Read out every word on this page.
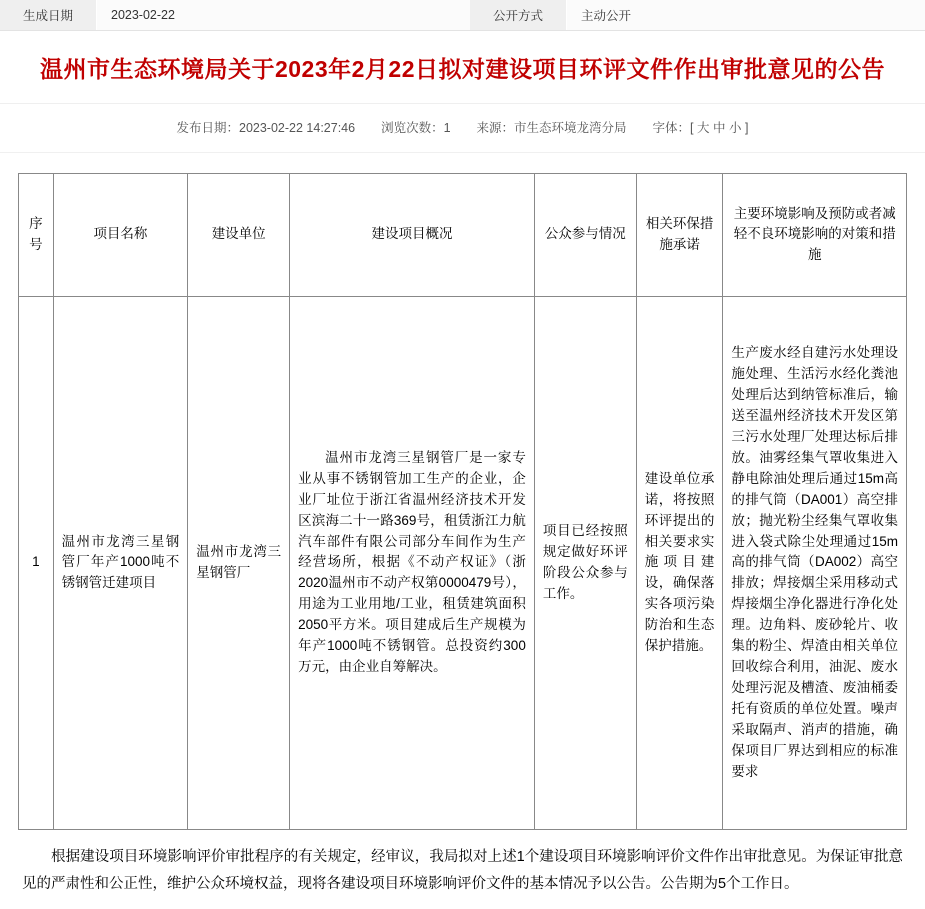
生成日期	2023-02-22	公开方式	主动公开
温州市生态环境局关于2023年2月22日拟对建设项目环评文件作出审批意见的公告
发布日期：2023-02-22 14:27:46 浏览次数：1 来源：市生态环境龙湾分局 字体：[ 大 中 小 ]
序号	项目名称	建设单位	建设项目概况	公众参与情况	相关环保措施承诺	主要环境影响及预防或者减轻不良环境影响的对策和措施
1	温州市龙湾三星钢管厂年产1000吨不锈钢管迁建项目	温州市龙湾三星钢管厂	温州市龙湾三星钢管厂是一家专业从事不锈钢管加工生产的企业，企业厂址位于浙江省温州经济技术开发区滨海二十一路369号，租赁浙江力航汽车部件有限公司部分车间作为生产经营场所，根据《不动产权证》（浙2020温州市不动产权第0000479号），用途为工业用地/工业，租赁建筑面积2050平方米。项目建成后生产规模为年产1000吨不锈钢管。总投资约300万元，由企业自筹解决。	项目已经按照规定做好环评阶段公众参与工作。	建设单位承诺，将按照环评提出的相关要求实施项目建设，确保落实各项污染防治和生态保护措施。	生产废水经自建污水处理设施处理、生活污水经化粪池处理后达到纳管标准后，输送至温州经济技术开发区第三污水处理厂处理达标后排放。油雾经集气罩收集进入静电除油处理后通过15m高的排气筒（DA001）高空排放；抛光粉尘经集气罩收集进入袋式除尘处理通过15m高的排气筒（DA002）高空排放；焊接烟尘采用移动式焊接烟尘净化器进行净化处理。边角料、废砂轮片、收集的粉尘、焊渣由相关单位回收综合利用，油泥、废水处理污泥及槽渣、废油桶委托有资质的单位处置。噪声采取隔声、消声的措施，确保项目厂界达到相应的标准要求
根据建设项目环境影响评价审批程序的有关规定，经审议，我局拟对上述1个建设项目环境影响评价文件作出审批意见。为保证审批意见的严肃性和公正性，维护公众环境权益，现将各建设项目环境影响评价文件的基本情况予以公告。公告期为5个工作日。
